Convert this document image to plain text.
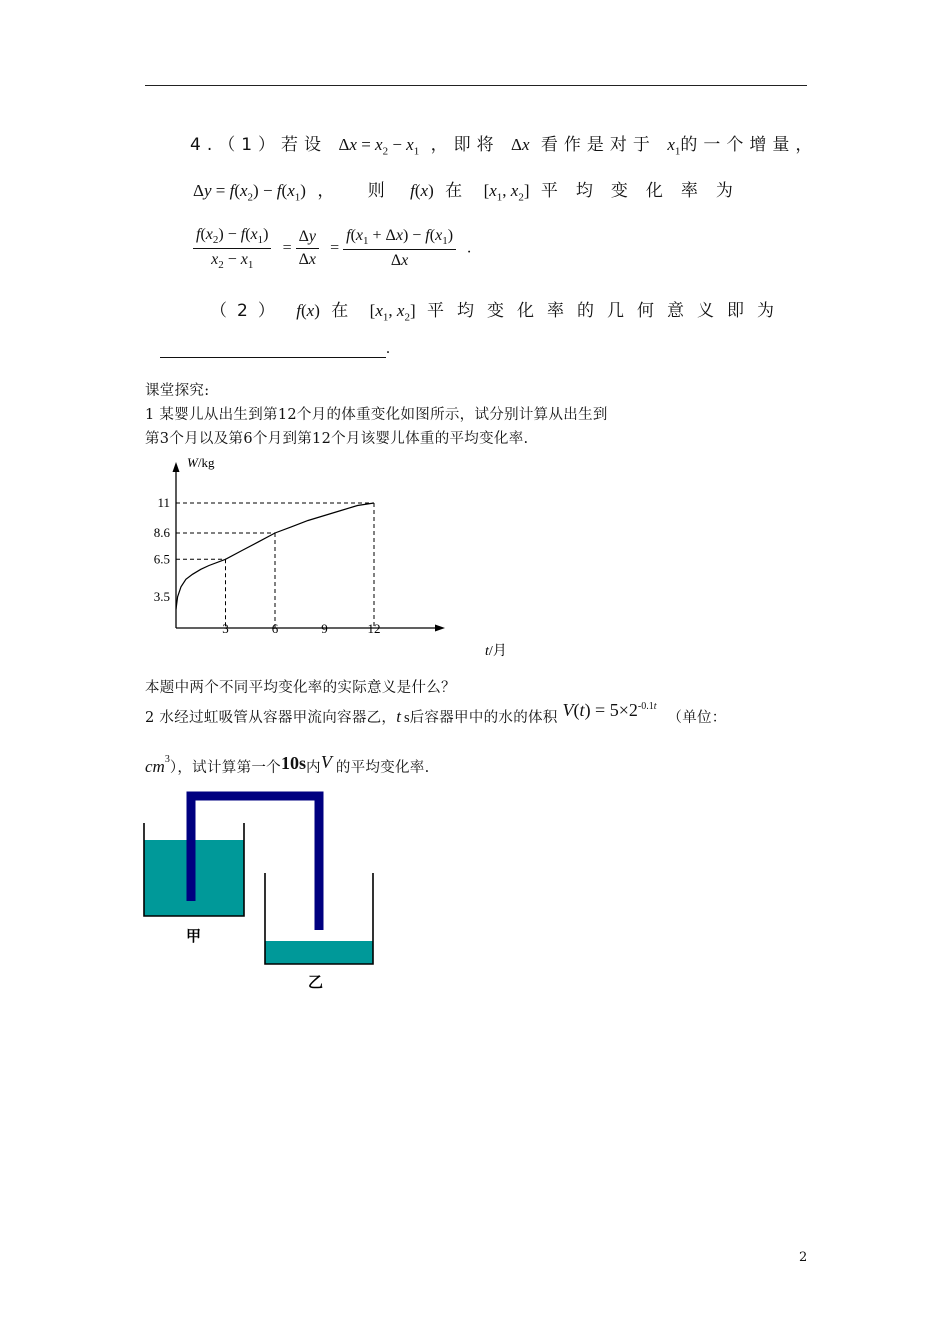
4.（1）若设 $\Delta x = x_2 - x_1$ ，即将 Δx 看作是对于 $x_1$的一个增量，
$\Delta y = f(x_2) - f(x_1)$ ， 则 f(x) 在 [$x_1$, $x_2$] 平均变化率为
$\frac{f(x_2) - f(x_1)}{x_2 - x_1} = \frac{\Delta y}{\Delta x} = \frac{f(x_1 + \Delta x) - f(x_1)}{\Delta x}$ .
（2） f(x) 在 [$x_1$, $x_2$] 平均变化率的几何意义即为
.
课堂探究:
1 某婴儿从出生到第12个月的体重变化如图所示，试分别计算从出生到
第3个月以及第6个月到第12个月该婴儿体重的平均变化率.
W/kg
t/月
11
8.6
6.5
3.5
3	6	9	12
本题中两个不同平均变化率的实际意义是什么？
2 水经过虹吸管从容器甲流向容器乙，t s后容器甲中的水的体积 $V(t) = 5\times 2^{-0.1t}$ （单位：
$cm^3$），试计算第一个10s内V 的平均变化率.
甲
乙
2
